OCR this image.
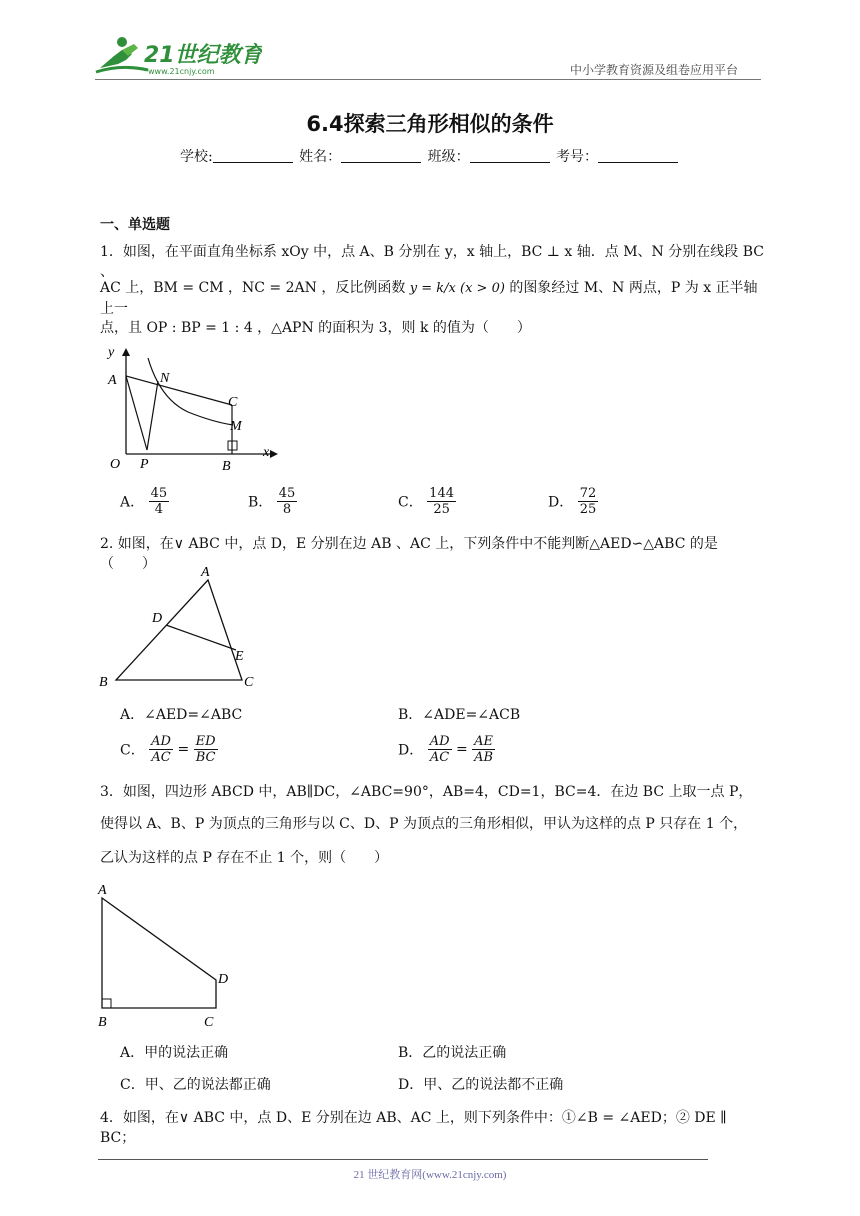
21世纪教育
www.21cnjy.com	中小学教育资源及组卷应用平台
6.4探索三角形相似的条件
学校:	姓名：	班级：	考号：
一、单选题
1．如图，在平面直角坐标系 xOy 中，点 A、B 分别在 y，x 轴上，BC ⊥ x 轴．点 M、N 分别在线段 BC 、
AC 上，BM = CM ，NC = 2AN ，反比例函数 y = k/x (x > 0) 的图象经过 M、N 两点，P 为 x 正半轴上一
点，且 OP : BP = 1 : 4 ，△APN 的面积为 3，则 k 的值为（　　）
y
x
A	N
C
M
O P	B
A． $\frac{45}{4}$	B． $\frac{45}{8}$	C． $\frac{144}{25}$	D． $\frac{72}{25}$
2. 如图，在∨ ABC 中，点 D，E 分别在边 AB 、AC 上，下列条件中不能判断△AED∽△ABC 的是（　　）
A
D
E
B	C
A．∠AED=∠ABC	B．∠ADE=∠ACB
C． $\frac{AD}{AC} = \frac{ED}{BC}$	D． $\frac{AD}{AC} = \frac{AE}{AB}$
3．如图，四边形 ABCD 中，AB∥DC，∠ABC=90°，AB=4，CD=1，BC=4．在边 BC 上取一点 P，
使得以 A、B、P 为顶点的三角形与以 C、D、P 为顶点的三角形相似，甲认为这样的点 P 只存在 1 个，
乙认为这样的点 P 存在不止 1 个，则（　　）
A
D
B	C
A．甲的说法正确	B．乙的说法正确
C．甲、乙的说法都正确	D．甲、乙的说法都不正确
4．如图，在∨ ABC 中，点 D、E 分别在边 AB、AC 上，则下列条件中：①∠B = ∠AED；② DE ∥ BC；
21 世纪教育网(www.21cnjy.com)
